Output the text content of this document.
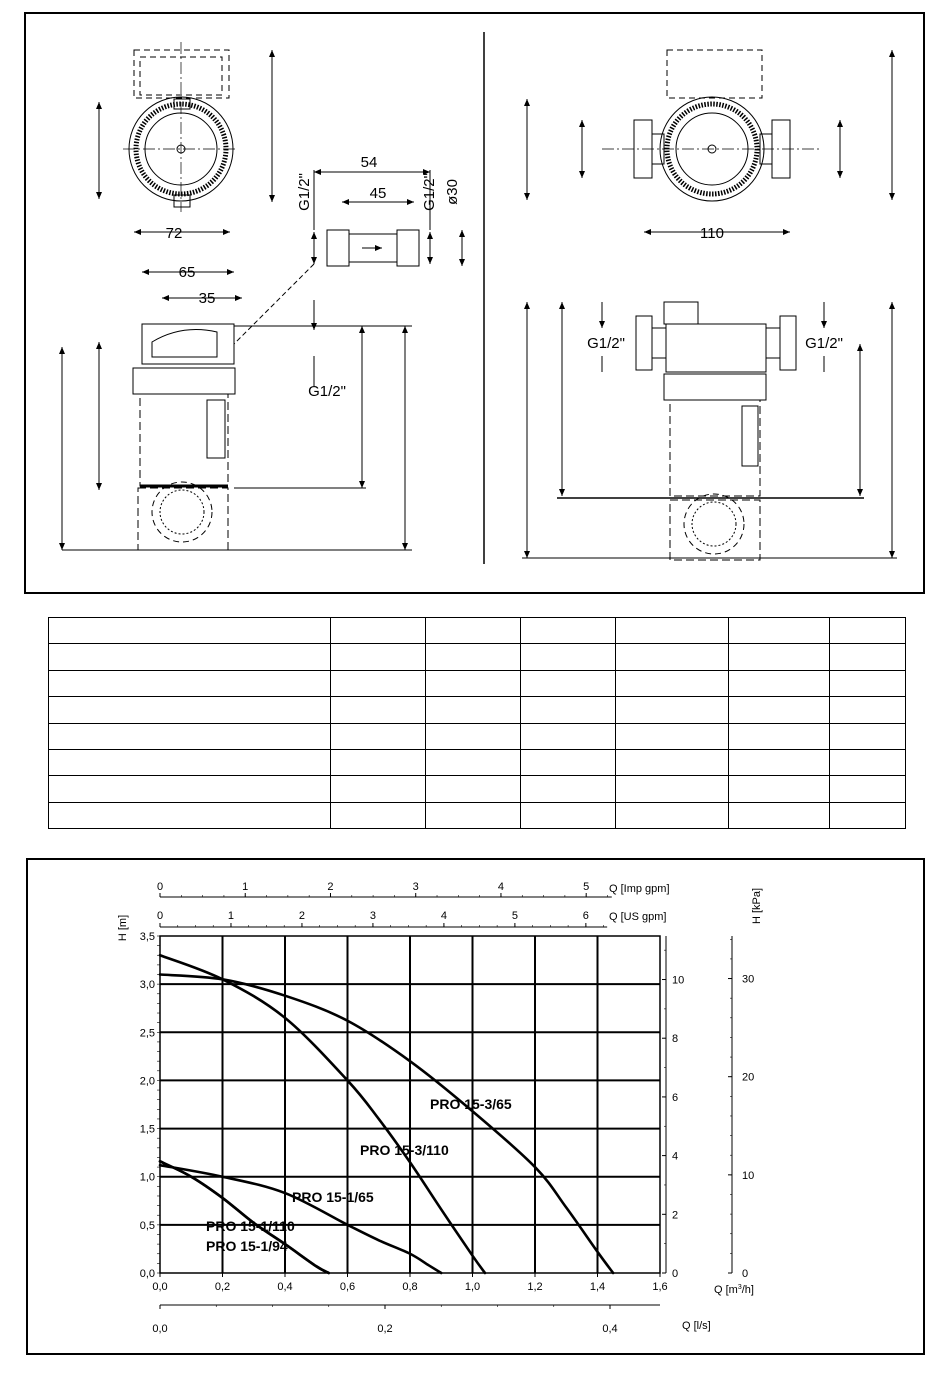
72
65
35
54
45
110
G1/2"
G1/2"	G1/2"
G1/2"	G1/2" ø30

0,0	0,2	0,4	0,6	0,8	1,0	1,2	1,4	1,6
0,0
0,5
1,0
1,5
2,0
2,5
3,0
3,5
0
2
4
6
8
10
0
10
20
30
0	1	2	3	4	5
0	1	2	3	4	5	6
0,0	0,2	0,4
Q $[m^3/h]$
H [m]
H [kPa]
Q [Imp gpm]
Q [US gpm]
Q [l/s]
PRO 15-3/65
PRO 15-3/110
PRO 15-1/65
PRO 15-1/110
PRO 15-1/94
